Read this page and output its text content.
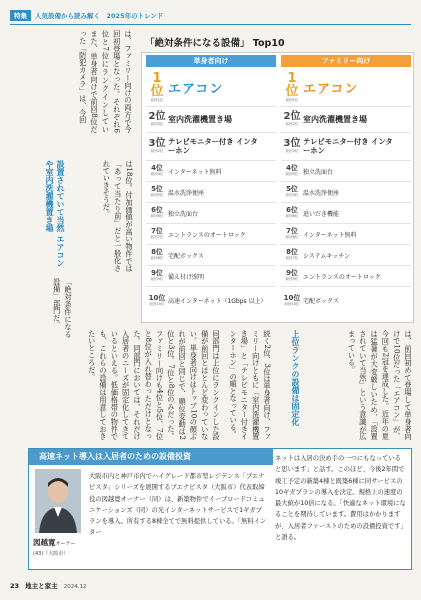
特集	人気設備から読み解く　2025年のトレンド
は、ファミリー向けの両方で今回初登場となった。それぞれ6位と7位にランクインしてい
また、単身者向けで前回8位だった「防犯カメラ」は、今回
は18位。付加価値が高い物件では「あって当たり前」だと一般化されていきそうだ。
設置されていて当然 エアコンや室内洗濯機置き場
「絶対条件になる設備」部門だ。
「絶対条件になる設備」 Top10
単身者向け
1位
前回1位
エアコン
2位
前回3位
室内洗濯機置き場
3位
前回2位
テレビモニター付き インターホン
4位
前回4位 インターネット無料
5位
前回5位 温水洗浄便座
6位
前回6位 独立洗面台
7位
前回7位 エントランスのオートロック
8位
前回8位 宅配ボックス
9位
前回9位 備え付け照明
10位
前回10位 高速インターネット（1Gbps 以上）
ファミリー向け
1位
前回1位
エアコン
2位
前回2位
室内洗濯機置き場
3位
前回3位
テレビモニター付き インターホン
4位
前回5位 独立洗面台
5位
前回4位 温水洗浄便座
6位
前回6位 追いだき機能
7位
前回8位 インターネット無料
8位
前回7位 システムキッチン
9位
前回9位 エントランスのオートロック
10位
前回10位 宅配ボックス
は、前回初めて登場して単身者向けで10位だった「エアコン」が、今回も2冠を達成した。近年の夏は猛暑が大変厳しいため、「設置されていて当然」という意識が広まっている。
上位ランクの設備は固定化
続く2位、3位は単身者向け、ファミリー向けともに「室内洗濯機置き場」と「テレビモニター付きインターホン」の順となっている。
同部門は上位にランクインした設備が前回とほとんど変わっていない。単身者向けはトップ10の顔ぶれが前回と同じで、順位変動は2位と3位、7位と8位のみだった。ファミリー向けも4位と5位、7位と8位が入れ替わっただけとなった。同部門においては、それだけ入居者のニーズが固定化してきているといえる。低価格帯の物件でも、これらの設備は用意しておきたいところだ。
高速ネット導入は入居者のための設備投資
図越寛オーナー
(43)（大阪市）
大阪市内と神戸市内でハイグレード都市型レジデンス「ブエナビスタ」シリーズを展開するブエナビスタ（大阪市）代表取締役の図越寛オーナー（同）は、新築物件でイーブロードコミュニケーションズ（同）の光インターネットサービスで1ギガプランを導入。所有する8棟全てで無料提供している。「無料インター
ネットは入居の決め手の一つにもなっていると思います」と話す。このほど、今後2年間で竣工予定の新築4棟と既築6棟に同サービスの10ギガプランの導入を決定。規格上の速度の最大値が10倍になる。「快適なネット環境になることを期待しています。費用はかかりますが、入居者ファーストのための設備投資です」と語る。
23 地主と家主 2024.12
